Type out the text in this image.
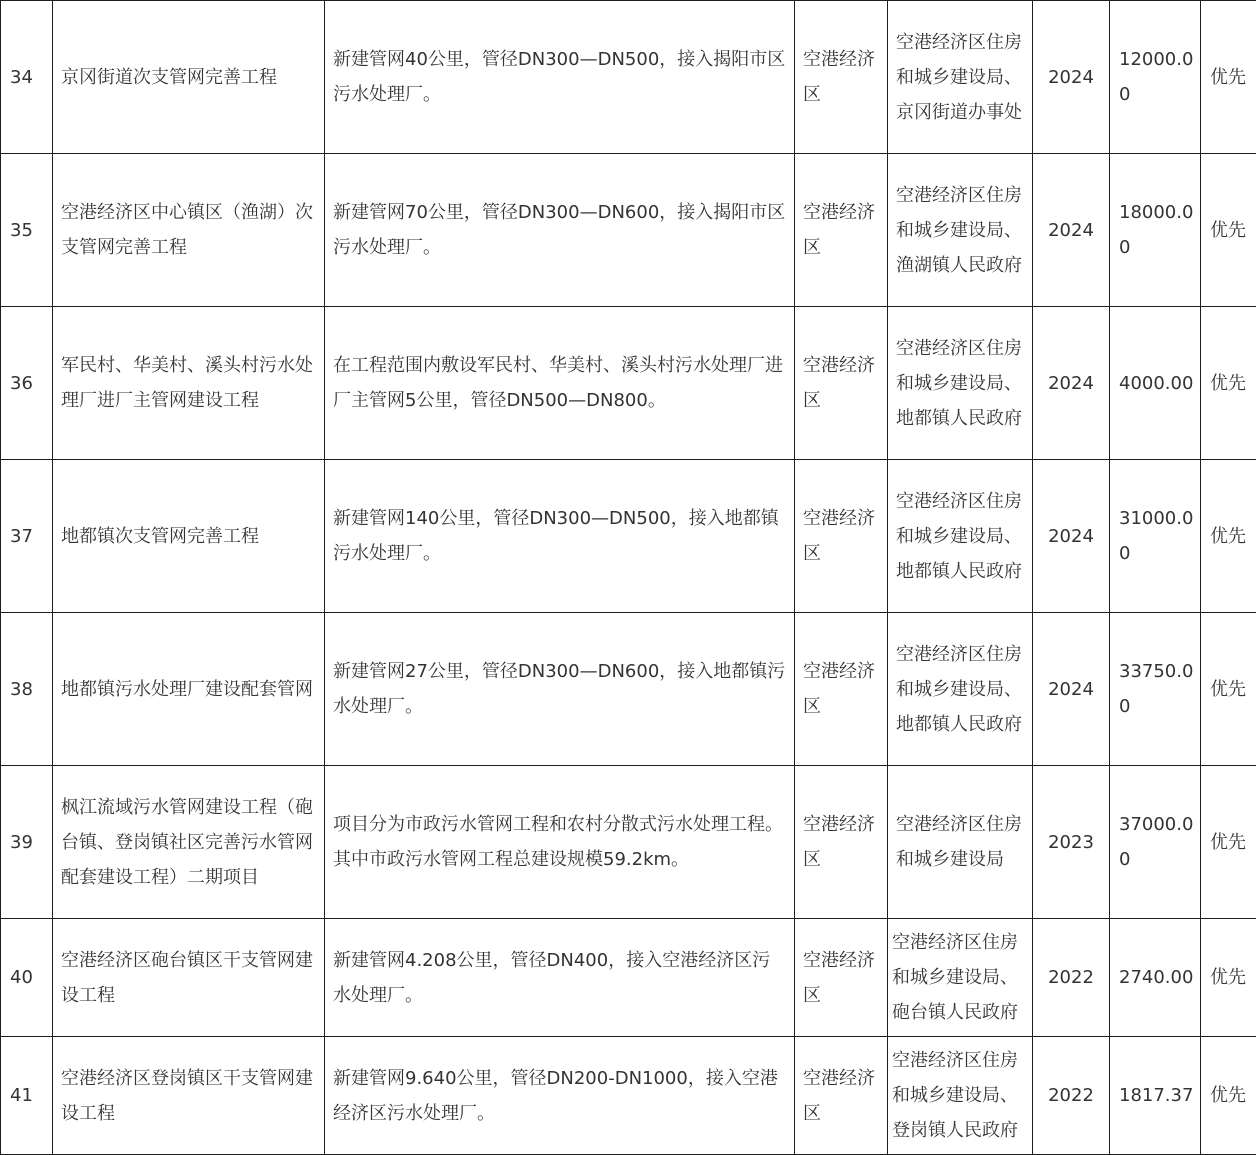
34	京冈街道次支管网完善工程	新建管网40公里，管径DN300—DN500，接入揭阳市区污水处理厂。	空港经济区	空港经济区住房和城乡建设局、京冈街道办事处	2024	12000.00	优先
35	空港经济区中心镇区（渔湖）次支管网完善工程	新建管网70公里，管径DN300—DN600，接入揭阳市区污水处理厂。	空港经济区	空港经济区住房和城乡建设局、渔湖镇人民政府	2024	18000.00	优先
36	军民村、华美村、溪头村污水处理厂进厂主管网建设工程	在工程范围内敷设军民村、华美村、溪头村污水处理厂进厂主管网5公里，管径DN500—DN800。	空港经济区	空港经济区住房和城乡建设局、地都镇人民政府	2024	4000.00	优先
37	地都镇次支管网完善工程	新建管网140公里，管径DN300—DN500，接入地都镇污水处理厂。	空港经济区	空港经济区住房和城乡建设局、地都镇人民政府	2024	31000.00	优先
38	地都镇污水处理厂建设配套管网	新建管网27公里，管径DN300—DN600，接入地都镇污水处理厂。	空港经济区	空港经济区住房和城乡建设局、地都镇人民政府	2024	33750.00	优先
39	枫江流域污水管网建设工程（砲台镇、登岗镇社区完善污水管网配套建设工程）二期项目	项目分为市政污水管网工程和农村分散式污水处理工程。其中市政污水管网工程总建设规模59.2km。	空港经济区	空港经济区住房和城乡建设局	2023	37000.00	优先
40	空港经济区砲台镇区干支管网建设工程	新建管网4.208公里，管径DN400，接入空港经济区污水处理厂。	空港经济区	空港经济区住房和城乡建设局、砲台镇人民政府	2022	2740.00	优先
41	空港经济区登岗镇区干支管网建设工程	新建管网9.640公里，管径DN200-DN1000，接入空港经济区污水处理厂。	空港经济区	空港经济区住房和城乡建设局、登岗镇人民政府	2022	1817.37	优先
